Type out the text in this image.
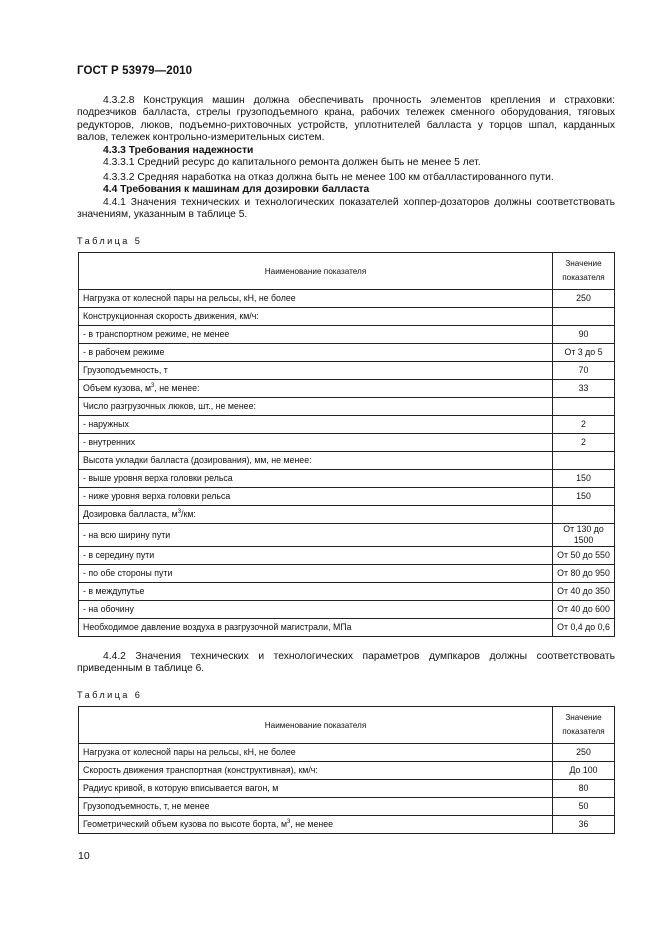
ГОСТ Р 53979—2010

4.3.2.8 Конструкция машин должна обеспечивать прочность элементов крепления и страховки: подрезчиков балласта, стрелы грузоподъемного крана, рабочих тележек сменного оборудования, тяговых редукторов, люков, подъемно-рихтовочных устройств, уплотнителей балласта у торцов шпал, карданных валов, тележек контрольно-измерительных систем.

4.3.3 Требования надежности

4.3.3.1 Средний ресурс до капитального ремонта должен быть не менее 5 лет.

4.3.3.2 Средняя наработка на отказ должна быть не менее 100 км отбалластированного пути.

4.4 Требования к машинам для дозировки балласта

4.4.1 Значения технических и технологических показателей хоппер-дозаторов должны соответствовать значениям, указанным в таблице 5.

Таблица 5
Наименование показателя	Значение
показателя
Нагрузка от колесной пары на рельсы, кН, не более	250
Конструкционная скорость движения, км/ч:	
- в транспортном режиме, не менее	90
- в рабочем режиме	От 3 до 5
Грузоподъемность, т	70
Объем кузова, $м^3$, не менее:	33
Число разгрузочных люков, шт., не менее:	
- наружных	2
- внутренних	2
Высота укладки балласта (дозирования), мм, не менее:	
- выше уровня верха головки рельса	150
- ниже уровня верха головки рельса	150
Дозировка балласта, $м^3/км$:	
- на всю ширину пути	От 130 до 1500
- в середину пути	От 50 до 550
- по обе стороны пути	От 80 до 950
- в междупутье	От 40 до 350
- на обочину	От 40 до 600
Необходимое давление воздуха в разгрузочной магистрали, МПа	От 0,4 до 0,6

4.4.2 Значения технических и технологических параметров думпкаров должны соответствовать приведенным в таблице 6.

Таблица 6
Наименование показателя	Значение
показателя
Нагрузка от колесной пары на рельсы, кН, не более	250
Скорость движения транспортная (конструктивная), км/ч:	До 100
Радиус кривой, в которую вписывается вагон, м	80
Грузоподъемность, т, не менее	50
Геометрический объем кузова по высоте борта, $м^3$, не менее	36
10
